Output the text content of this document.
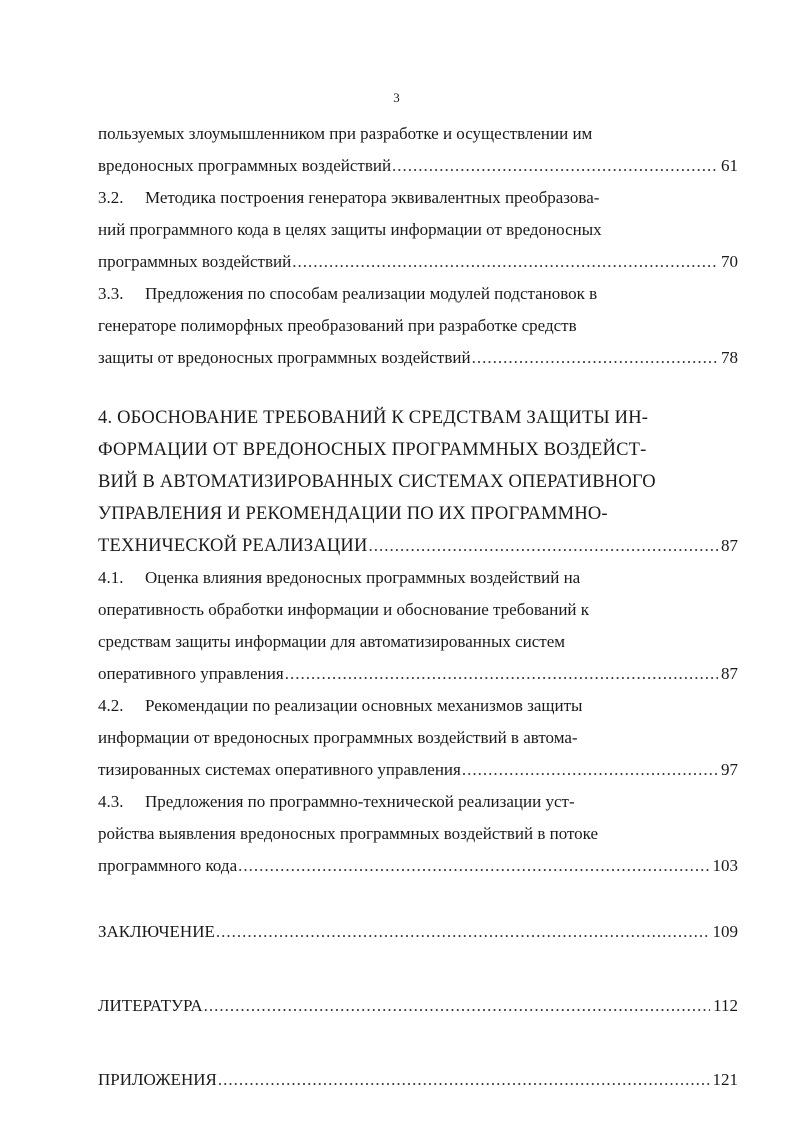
3
пользуемых злоумышленником при разработке и осуществлении им
вредоносных программных воздействий .....	61
3.2. Методика построения генератора эквивалентных преобразова-
ний программного кода в целях защиты информации от вредоносных
программных воздействий .....	70
3.3. Предложения по способам реализации модулей подстановок в
генераторе полиморфных преобразований при разработке средств
защиты от вредоносных программных воздействий .....	78
4. ОБОСНОВАНИЕ ТРЕБОВАНИЙ К СРЕДСТВАМ ЗАЩИТЫ ИН-
ФОРМАЦИИ ОТ ВРЕДОНОСНЫХ ПРОГРАММНЫХ ВОЗДЕЙСТ-
ВИЙ В АВТОМАТИЗИРОВАННЫХ СИСТЕМАХ ОПЕРАТИВНОГО
УПРАВЛЕНИЯ И РЕКОМЕНДАЦИИ ПО ИХ ПРОГРАММНО-
ТЕХНИЧЕСКОЙ РЕАЛИЗАЦИИ .....	87
4.1. Оценка влияния вредоносных программных воздействий на
оперативность обработки информации и обоснование требований к
средствам защиты информации для автоматизированных систем
оперативного управления .....	87
4.2. Рекомендации по реализации основных механизмов защиты
информации от вредоносных программных воздействий в автома-
тизированных системах оперативного управления .....	97
4.3. Предложения по программно-технической реализации уст-
ройства выявления вредоносных программных воздействий в потоке
программного кода .....	103
ЗАКЛЮЧЕНИЕ .....	109
ЛИТЕРАТУРА .....	112
ПРИЛОЖЕНИЯ .....	121
